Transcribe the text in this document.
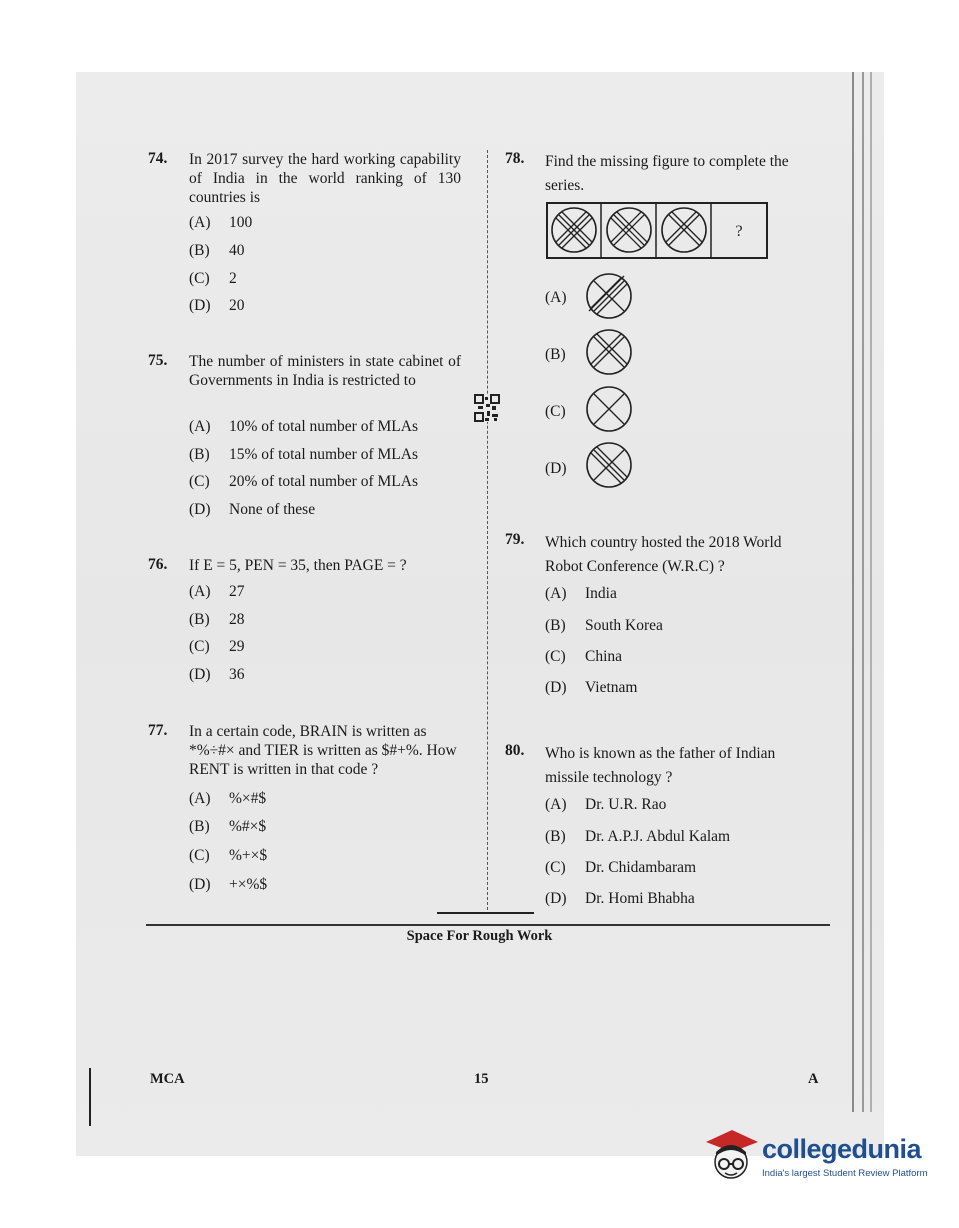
74. In 2017 survey the hard working capability of India in the world ranking of 130 countries is
(A) 100
(B) 40
(C) 2
(D) 20
75. The number of ministers in state cabinet of Governments in India is restricted to
(A) 10% of total number of MLAs
(B) 15% of total number of MLAs
(C) 20% of total number of MLAs
(D) None of these
76. If E = 5, PEN = 35, then PAGE = ?
(A) 27
(B) 28
(C) 29
(D) 36
77. In a certain code, BRAIN is written as *%÷#× and TIER is written as $#+%. How RENT is written in that code ?
(A) %×#$
(B) %#×$
(C) %+×$
(D) +×%$
78. Find the missing figure to complete the series.
?
(A)
(B)
(C)
(D)
79. Which country hosted the 2018 World Robot Conference (W.R.C) ?
(A) India
(B) South Korea
(C) China
(D) Vietnam
80. Who is known as the father of Indian missile technology ?
(A) Dr. U.R. Rao
(B) Dr. A.P.J. Abdul Kalam
(C) Dr. Chidambaram
(D) Dr. Homi Bhabha
Space For Rough Work
MCA	15	A
collegedunia
India's largest Student Review Platform
